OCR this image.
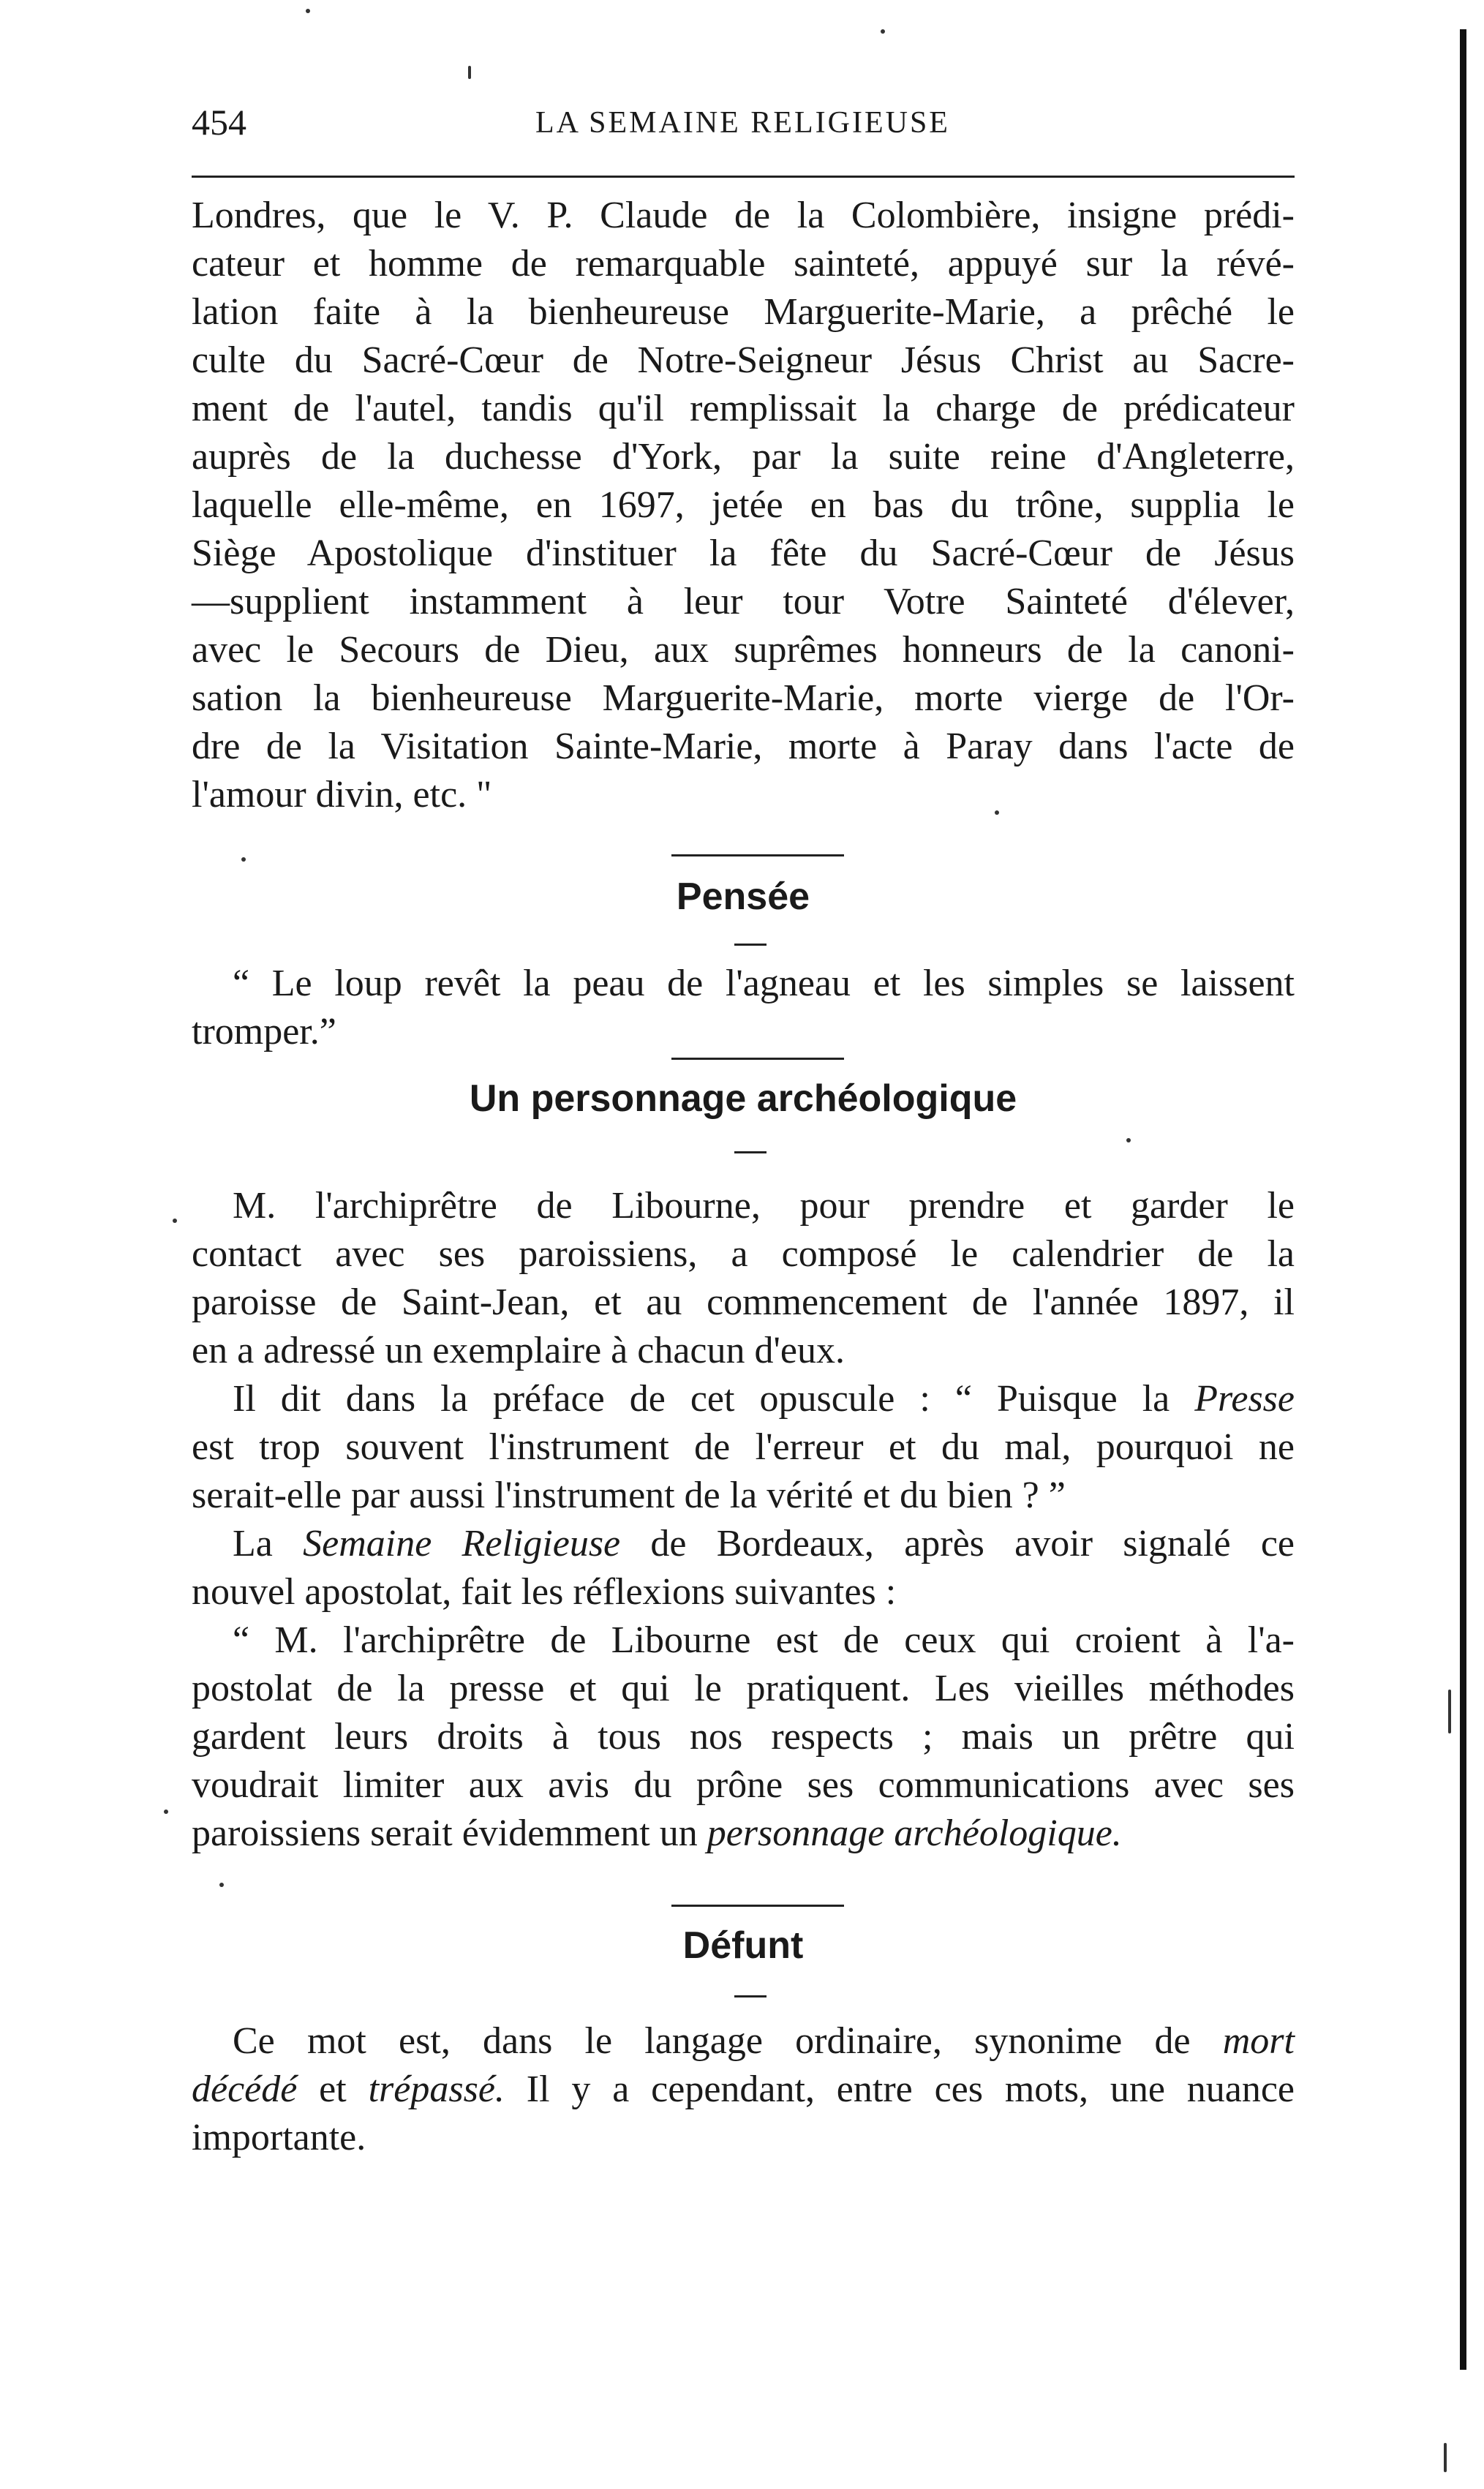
454	LA SEMAINE RELIGIEUSE

Londres, que le V. P. Claude de la Colombière, insigne prédi-
cateur et homme de remarquable sainteté, appuyé sur la révé-
lation faite à la bienheureuse Marguerite-Marie, a prêché le
culte du Sacré-Cœur de Notre-Seigneur Jésus Christ au Sacre-
ment de l'autel, tandis qu'il remplissait la charge de prédicateur
auprès de la duchesse d'York, par la suite reine d'Angleterre,
laquelle elle-même, en 1697, jetée en bas du trône, supplia le
Siège Apostolique d'instituer la fête du Sacré-Cœur de Jésus
—supplient instamment à leur tour Votre Sainteté d'élever,
avec le Secours de Dieu, aux suprêmes honneurs de la canoni-
sation la bienheureuse Marguerite-Marie, morte vierge de l'Or-
dre de la Visitation Sainte-Marie, morte à Paray dans l'acte de
l'amour divin, etc. "

Pensée

“ Le loup revêt la peau de l'agneau et les simples se laissent
tromper.”

Un personnage archéologique

M. l'archiprêtre de Libourne, pour prendre et garder le
contact avec ses paroissiens, a composé le calendrier de la
paroisse de Saint-Jean, et au commencement de l'année 1897, il
en a adressé un exemplaire à chacun d'eux.

Il dit dans la préface de cet opuscule : “ Puisque la Presse
est trop souvent l'instrument de l'erreur et du mal, pourquoi ne
serait-elle par aussi l'instrument de la vérité et du bien ? ”

La Semaine Religieuse de Bordeaux, après avoir signalé ce
nouvel apostolat, fait les réflexions suivantes :

“ M. l'archiprêtre de Libourne est de ceux qui croient à l'a-
postolat de la presse et qui le pratiquent. Les vieilles méthodes
gardent leurs droits à tous nos respects ; mais un prêtre qui
voudrait limiter aux avis du prône ses communications avec ses
paroissiens serait évidemment un personnage archéologique.

Défunt

Ce mot est, dans le langage ordinaire, synonime de mort
décédé et trépassé. Il y a cependant, entre ces mots, une nuance
importante.
